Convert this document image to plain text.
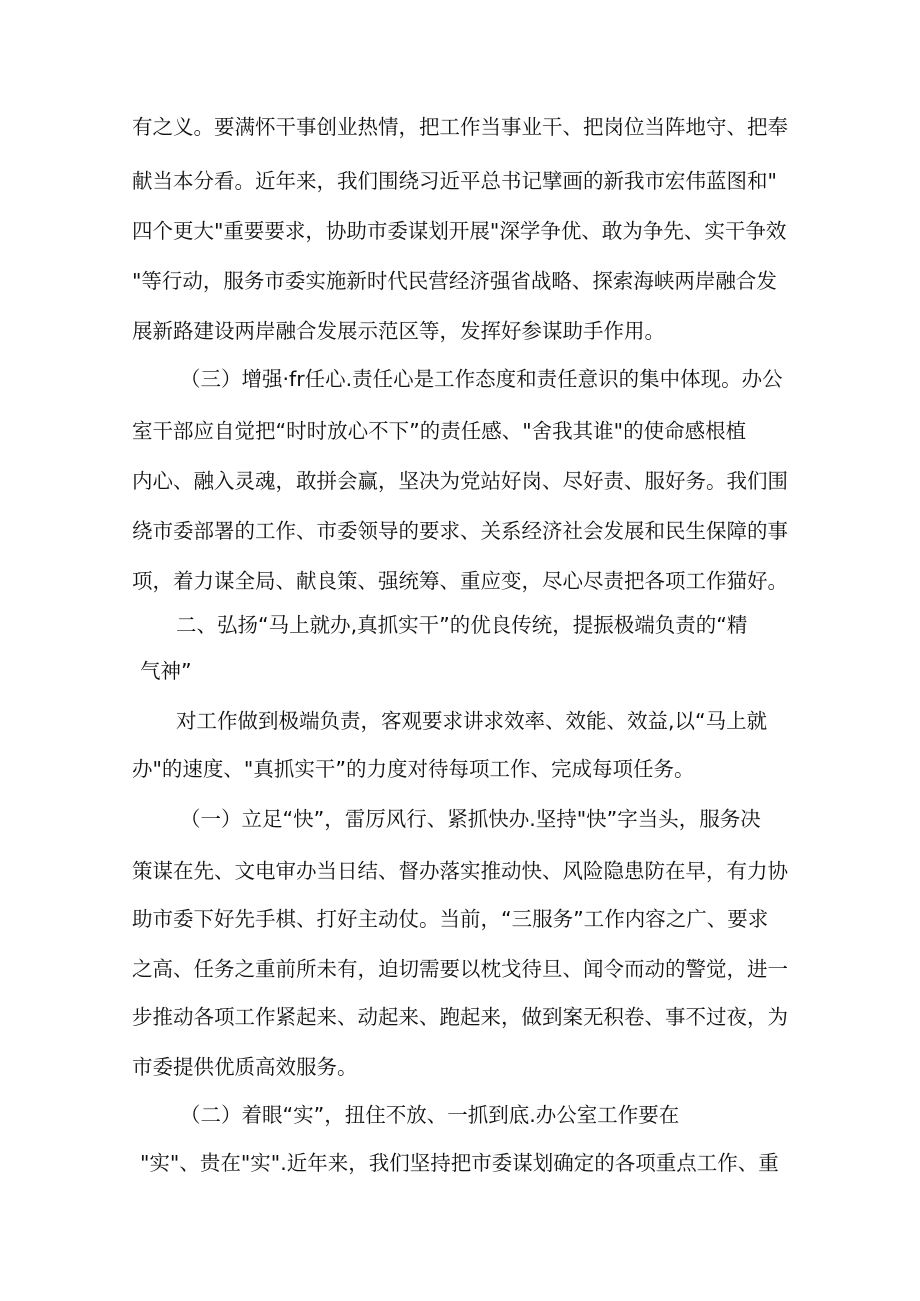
有之义。要满怀干事创业热情，把工作当事业干、把岗位当阵地守、把奉
献当本分看。近年来，我们围绕习近平总书记擘画的新我市宏伟蓝图和"
四个更大"重要要求，协助市委谋划开展"深学争优、敢为争先、实干争效
"等行动，服务市委实施新时代民营经济强省战略、探索海峡两岸融合发
展新路建设两岸融合发展示范区等，发挥好参谋助手作用。
（三）增强·fr任心.责任心是工作态度和责任意识的集中体现。办公
室干部应自觉把“时时放心不下”的责任感、"舍我其谁"的使命感根植
内心、融入灵魂，敢拼会赢，坚决为党站好岗、尽好责、服好务。我们围
绕市委部署的工作、市委领导的要求、关系经济社会发展和民生保障的事
项，着力谋全局、献良策、强统筹、重应变，尽心尽责把各项工作猫好。
二、弘扬“马上就办,真抓实干”的优良传统，提振极端负责的“精
气神”
对工作做到极端负责，客观要求讲求效率、效能、效益,以“马上就
办"的速度、"真抓实干”的力度对待每项工作、完成每项任务。
（一）立足“快”，雷厉风行、紧抓快办.坚持"快”字当头，服务决
策谋在先、文电审办当日结、督办落实推动快、风险隐患防在早，有力协
助市委下好先手棋、打好主动仗。当前，“三服务”工作内容之广、要求
之高、任务之重前所未有，迫切需要以枕戈待旦、闻令而动的警觉，进一
步推动各项工作紧起来、动起来、跑起来，做到案无积卷、事不过夜，为
市委提供优质高效服务。
（二）着眼“实”，扭住不放、一抓到底.办公室工作要在
"实"、贵在"实".近年来，我们坚持把市委谋划确定的各项重点工作、重
